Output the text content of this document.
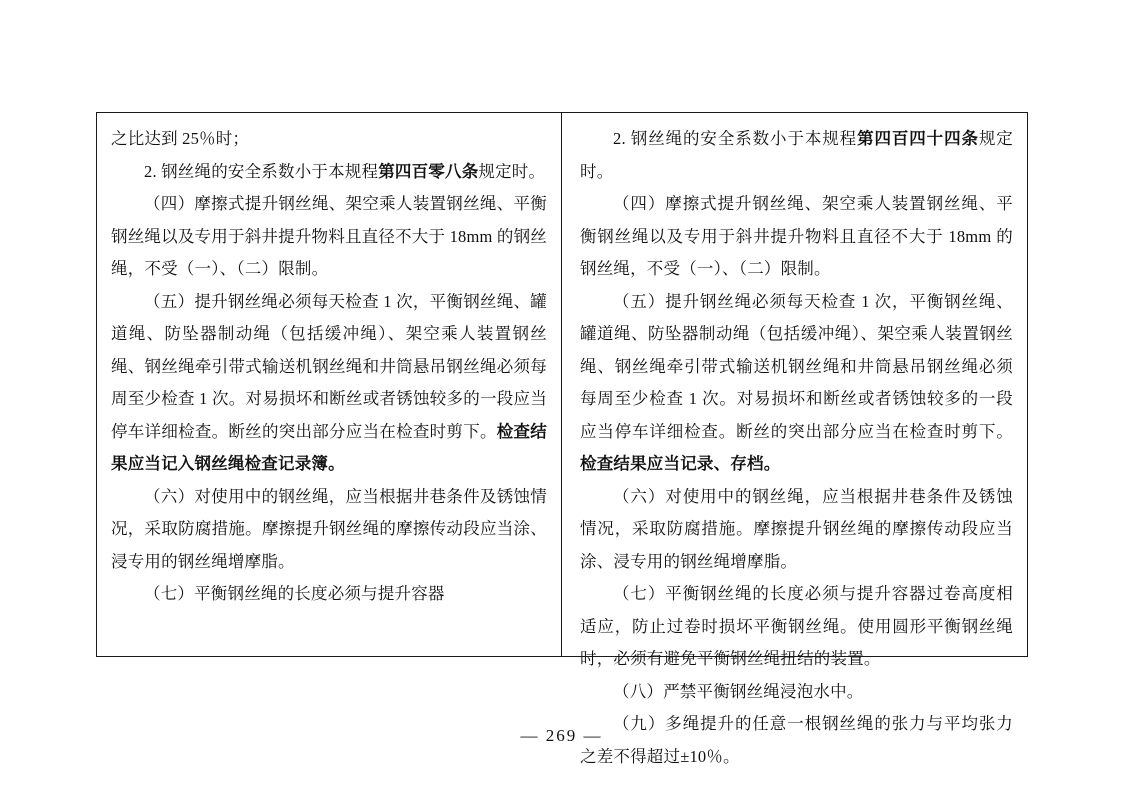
之比达到 25％时；

2. 钢丝绳的安全系数小于本规程第四百零八条规定时。

（四）摩擦式提升钢丝绳、架空乘人装置钢丝绳、平衡钢丝绳以及专用于斜井提升物料且直径不大于 18mm 的钢丝绳，不受（一）、（二）限制。

（五）提升钢丝绳必须每天检查 1 次，平衡钢丝绳、罐道绳、防坠器制动绳（包括缓冲绳）、架空乘人装置钢丝绳、钢丝绳牵引带式输送机钢丝绳和井筒悬吊钢丝绳必须每周至少检查 1 次。对易损坏和断丝或者锈蚀较多的一段应当停车详细检查。断丝的突出部分应当在检查时剪下。检查结果应当记入钢丝绳检查记录簿。

（六）对使用中的钢丝绳，应当根据井巷条件及锈蚀情况，采取防腐措施。摩擦提升钢丝绳的摩擦传动段应当涂、浸专用的钢丝绳增摩脂。

（七）平衡钢丝绳的长度必须与提升容器

2. 钢丝绳的安全系数小于本规程第四百四十四条规定时。

（四）摩擦式提升钢丝绳、架空乘人装置钢丝绳、平衡钢丝绳以及专用于斜井提升物料且直径不大于 18mm 的钢丝绳，不受（一）、（二）限制。

（五）提升钢丝绳必须每天检查 1 次，平衡钢丝绳、罐道绳、防坠器制动绳（包括缓冲绳）、架空乘人装置钢丝绳、钢丝绳牵引带式输送机钢丝绳和井筒悬吊钢丝绳必须每周至少检查 1 次。对易损坏和断丝或者锈蚀较多的一段应当停车详细检查。断丝的突出部分应当在检查时剪下。检查结果应当记录、存档。

（六）对使用中的钢丝绳，应当根据井巷条件及锈蚀情况，采取防腐措施。摩擦提升钢丝绳的摩擦传动段应当涂、浸专用的钢丝绳增摩脂。

（七）平衡钢丝绳的长度必须与提升容器过卷高度相适应，防止过卷时损坏平衡钢丝绳。使用圆形平衡钢丝绳时，必须有避免平衡钢丝绳扭结的装置。

（八）严禁平衡钢丝绳浸泡水中。

（九）多绳提升的任意一根钢丝绳的张力与平均张力之差不得超过±10％。

— 269 —
